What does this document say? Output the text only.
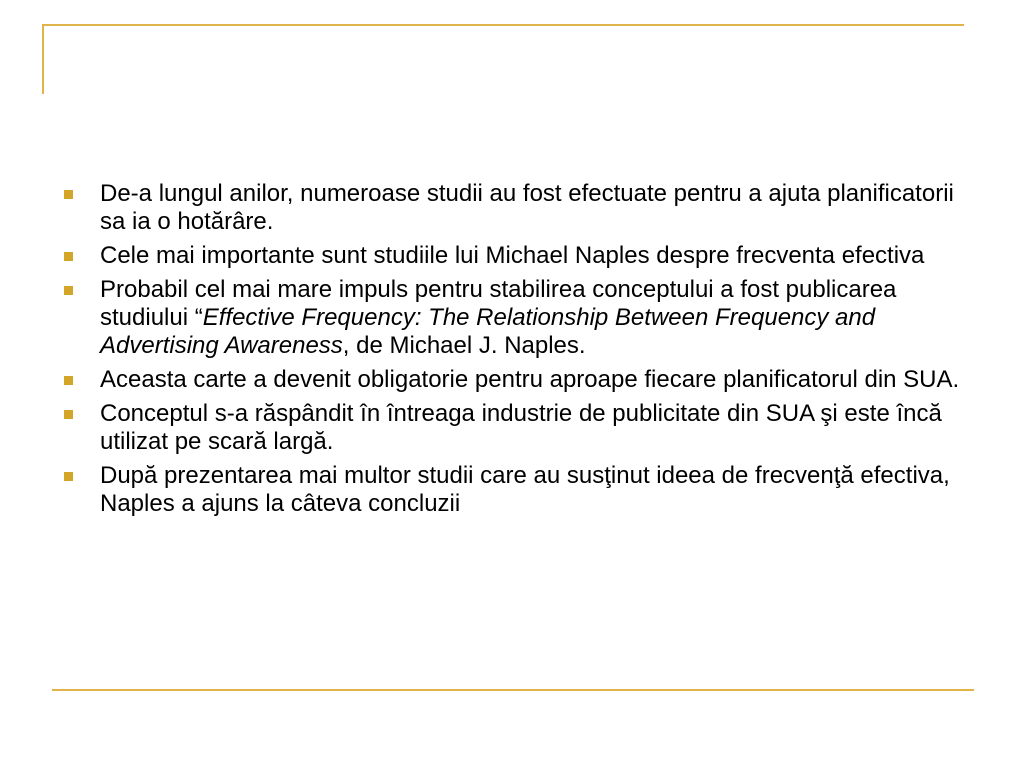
De-a lungul anilor, numeroase studii au fost efectuate pentru a ajuta planificatorii sa ia o hotărâre.
Cele mai importante sunt studiile lui Michael Naples despre frecventa efectiva
Probabil cel mai mare impuls pentru stabilirea conceptului a fost publicarea studiului “Effective Frequency: The Relationship Between Frequency and Advertising Awareness, de Michael J. Naples.
Aceasta carte a devenit obligatorie pentru aproape fiecare planificatorul din SUA.
Conceptul s-a răspândit în întreaga industrie de publicitate din SUA şi este încă utilizat pe scară largă.
După prezentarea mai multor studii care au susţinut ideea de frecvenţă efectiva, Naples a ajuns la câteva concluzii
